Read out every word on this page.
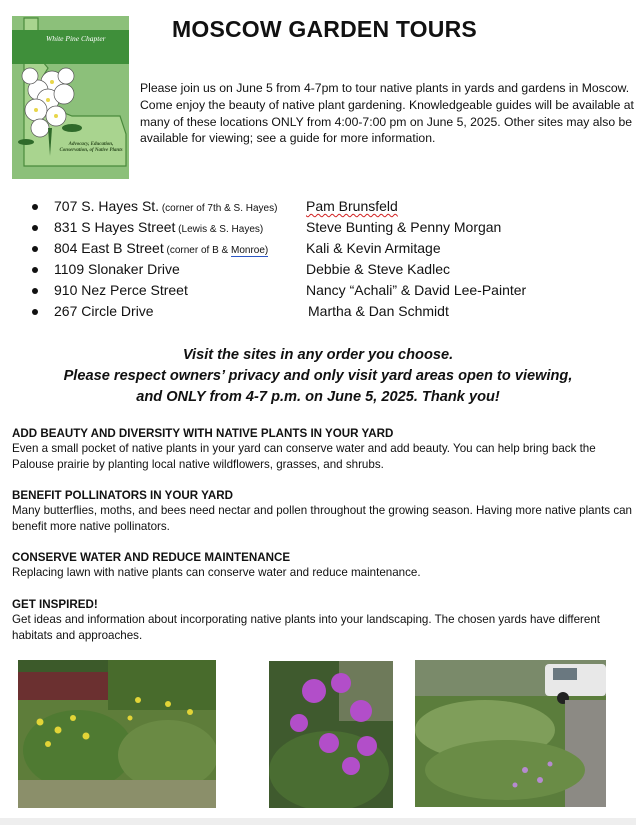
White Pine Chapter
Advocacy, Education, Conservation, of Native Plants
MOSCOW GARDEN TOURS

Please join us on June 5 from 4-7pm to tour native plants in yards and gardens in Moscow. Come enjoy the beauty of native plant gardening. Knowledgeable guides will be available at many of these locations ONLY from 4:00-7:00 pm on June 5, 2025. Other sites may also be available for viewing; see a guide for more information.

707 S. Hayes St. (corner of 7th & S. Hayes) Pam Brunsfeld
831 S Hayes Street (Lewis & S. Hayes)	Steve Bunting & Penny Morgan
804 East B Street (corner of B & Monroe)	Kali & Kevin Armitage
1109 Slonaker Drive	Debbie & Steve Kadlec
910 Nez Perce Street	Nancy “Achali” & David Lee-Painter
267 Circle Drive	Martha & Dan Schmidt
Visit the sites in any order you choose.
Please respect owners’ privacy and only visit yard areas open to viewing,
and ONLY from 4-7 p.m. on June 5, 2025. Thank you!
ADD BEAUTY AND DIVERSITY WITH NATIVE PLANTS IN YOUR YARD
Even a small pocket of native plants in your yard can conserve water and add beauty. You can help bring back the Palouse prairie by planting local native wildflowers, grasses, and shrubs.
BENEFIT POLLINATORS IN YOUR YARD
Many butterflies, moths, and bees need nectar and pollen throughout the growing season. Having more native plants can benefit more native pollinators.
CONSERVE WATER AND REDUCE MAINTENANCE
Replacing lawn with native plants can conserve water and reduce maintenance.
GET INSPIRED!
Get ideas and information about incorporating native plants into your landscaping. The chosen yards have different habitats and approaches.
